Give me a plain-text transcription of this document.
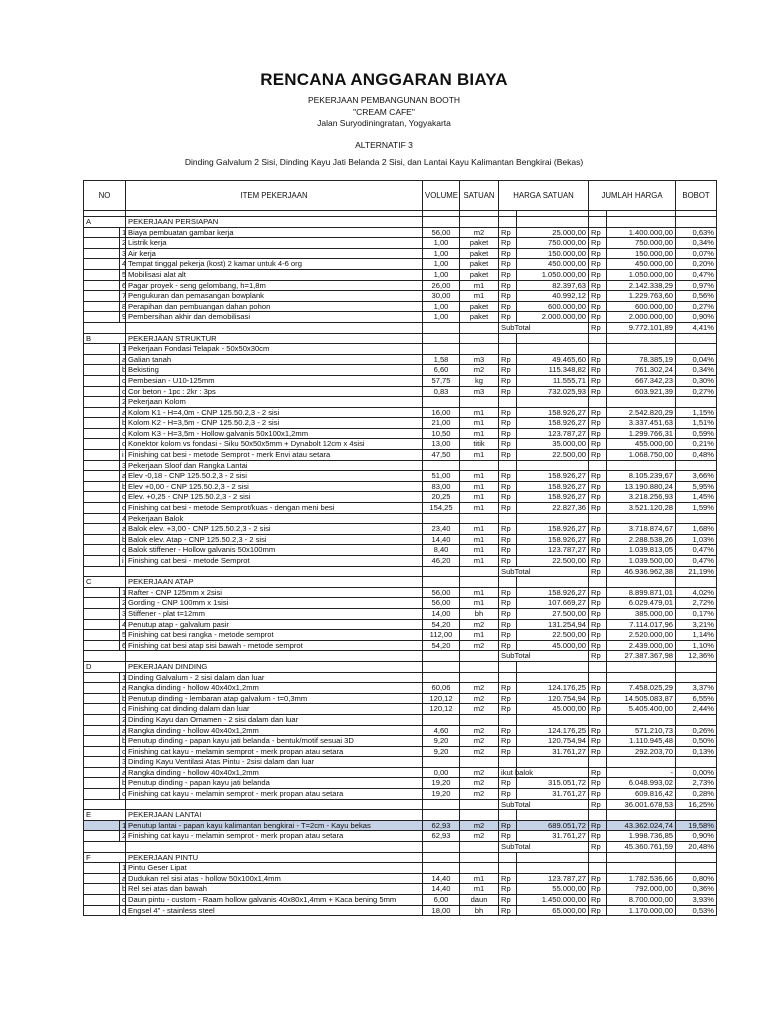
RENCANA ANGGARAN BIAYA
PEKERJAAN PEMBANGUNAN BOOTH
"CREAM CAFE"
Jalan Suryodiningratan, Yogyakarta
ALTERNATIF 3
Dinding Galvalum 2 Sisi, Dinding Kayu Jati Belanda 2 Sisi, dan Lantai Kayu Kalimantan Bengkirai (Bekas)
NO		ITEM PEKERJAAN	VOLUME	SATUAN	HARGA SATUAN		JUMLAH HARGA		BOBOT

A		PEKERJAAN PERSIAPAN							
	1	Biaya pembuatan gambar kerja	56,00	m2	Rp	25.000,00	Rp	1.400.000,00	0,63%
	2	Listrik kerja	1,00	paket	Rp	750.000,00	Rp	750.000,00	0,34%
	3	Air kerja	1,00	paket	Rp	150.000,00	Rp	150.000,00	0,07%
	4	Tempat tinggal pekerja (kost) 2 kamar untuk 4-6 org	1,00	paket	Rp	450.000,00	Rp	450.000,00	0,20%
	5	Mobilisasi alat alt	1,00	paket	Rp	1.050.000,00	Rp	1.050.000,00	0,47%
	6	Pagar proyek - seng gelombang, h=1,8m	26,00	m1	Rp	82.397,63	Rp	2.142.338,29	0,97%
	7	Pengukuran dan pemasangan bowplank	30,00	m1	Rp	40.992,12	Rp	1.229.763,60	0,56%
	8	Perapihan dan pembuangan dahan pohon	1,00	paket	Rp	600.000,00	Rp	600.000,00	0,27%
	9	Pembersihan akhir dan demobilisasi	1,00	paket	Rp	2.000.000,00	Rp	2.000.000,00	0,90%
					SubTotal		Rp	9.772.101,89	4,41%
B		PEKERJAAN STRUKTUR							
	1	Pekerjaan Fondasi Telapak - 50x50x30cm							
	a	Galian tanah	1,58	m3	Rp	49.465,60	Rp	78.385,19	0,04%
	b	Bekisting	6,60	m2	Rp	115.348,82	Rp	761.302,24	0,34%
	c	Pembesian - U10-125mm	57,75	kg	Rp	11.555,71	Rp	667.342,23	0,30%
	d	Cor beton - 1pc : 2kr : 3ps	0,83	m3	Rp	732.025,93	Rp	603.921,39	0,27%
	2	Pekerjaan Kolom							
	a	Kolom K1 - H=4,0m - CNP 125.50.2,3 - 2 sisi	16,00	m1	Rp	158.926,27	Rp	2.542.820,29	1,15%
	b	Kolom K2 - H=3,5m - CNP 125.50.2,3 - 2 sisi	21,00	m1	Rp	158.926,27	Rp	3.337.451,63	1,51%
	c	Kolom K3 - H=3,5m - Hollow galvanis 50x100x1,2mm	10,50	m1	Rp	123.787,27	Rp	1.299.766,31	0,59%
	d	Konektor kolom vs fondasi - Siku 50x50x5mm + Dynabolt 12cm x 4sisi	13,00	titik	Rp	35.000,00	Rp	455.000,00	0,21%
	i	Finishing cat besi - metode Semprot - merk Envi atau setara	47,50	m1	Rp	22.500,00	Rp	1.068.750,00	0,48%
	3	Pekerjaan Sloof dan Rangka Lantai							
	a	Elev -0,18 - CNP 125.50.2,3 - 2 sisi	51,00	m1	Rp	158.926,27	Rp	8.105.239,67	3,66%
	b	Elev +0,00 - CNP 125.50.2,3 - 2 sisi	83,00	m1	Rp	158.926,27	Rp	13.190.880,24	5,95%
	c	Elev. +0,25 - CNP 125.50.2,3 - 2 sisi	20,25	m1	Rp	158.926,27	Rp	3.218.256,93	1,45%
	d	Finishing cat besi - metode Semprot/kuas - dengan meni besi	154,25	m1	Rp	22.827,36	Rp	3.521.120,28	1,59%
	4	Pekerjaan Balok							
	a	Balok elev. +3,00 - CNP 125.50.2,3 - 2 sisi	23,40	m1	Rp	158.926,27	Rp	3.718.874,67	1,68%
	b	Balok elev. Atap - CNP 125.50.2,3 - 2 sisi	14,40	m1	Rp	158.926,27	Rp	2.288.538,26	1,03%
	c	Balok stiffener - Hollow galvanis 50x100mm	8,40	m1	Rp	123.787,27	Rp	1.039.813,05	0,47%
	i	Finishing cat besi - metode Semprot	46,20	m1	Rp	22.500,00	Rp	1.039.500,00	0,47%
					SubTotal		Rp	46.936.962,38	21,19%
C		PEKERJAAN ATAP							
	1	Rafter - CNP 125mm x 2sisi	56,00	m1	Rp	158.926,27	Rp	8.899.871,01	4,02%
	2	Gording - CNP 100mm x 1sisi	56,00	m1	Rp	107.669,27	Rp	6.029.479,01	2,72%
	3	Stiffener - plat t=12mm	14,00	bh	Rp	27.500,00	Rp	385.000,00	0,17%
	4	Penutup atap - galvalum pasir	54,20	m2	Rp	131.254,94	Rp	7.114.017,96	3,21%
	5	Finishing cat besi rangka - metode semprot	112,00	m1	Rp	22.500,00	Rp	2.520.000,00	1,14%
	6	Finishing cat besi atap sisi bawah - metode semprot	54,20	m2	Rp	45.000,00	Rp	2.439.000,00	1,10%
					SubTotal		Rp	27.387.367,98	12,36%
D		PEKERJAAN DINDING							
	1	Dinding Galvalum - 2 sisi dalam dan luar							
	a	Rangka dinding - hollow 40x40x1,2mm	60,06	m2	Rp	124.176,25	Rp	7.458.025,29	3,37%
	b	Penutup dinding - lembaran atap galvalum - t=0,3mm	120,12	m2	Rp	120.754,94	Rp	14.505.083,87	6,55%
	c	Finishing cat dinding dalam dan luar	120,12	m2	Rp	45.000,00	Rp	5.405.400,00	2,44%
	2	Dinding Kayu dan Ornamen - 2 sisi dalam dan luar							
	a	Rangka dinding - hollow 40x40x1,2mm	4,60	m2	Rp	124.176,25	Rp	571.210,73	0,26%
	b	Penutup dinding - papan kayu jati belanda - bentuk/motif sesuai 3D	9,20	m2	Rp	120.754,94	Rp	1.110.945,48	0,50%
	c	Finishing cat kayu - melamin semprot - merk propan atau setara	9,20	m2	Rp	31.761,27	Rp	292.203,70	0,13%
	3	Dinding Kayu Ventilasi Atas Pintu - 2sisi dalam dan luar							
	a	Rangka dinding - hollow 40x40x1,2mm	0,00	m2	ikut balok		Rp	-	0,00%
	b	Penutup dinding - papan kayu jati belanda	19,20	m2	Rp	315.051,72	Rp	6.048.993,02	2,73%
	c	Finishing cat kayu - melamin semprot - merk propan atau setara	19,20	m2	Rp	31.761,27	Rp	609.816,42	0,28%
					SubTotal		Rp	36.001.678,53	16,25%
E		PEKERJAAN LANTAI							
	1	Penutup lantai - papan kayu kalimantan bengkirai - T=2cm - Kayu bekas	62,93	m2	Rp	689.051,72	Rp	43.362.024,74	19,58%
	2	Finishing cat kayu - melamin semprot - merk propan atau setara	62,93	m2	Rp	31.761,27	Rp	1.998.736,85	0,90%
					SubTotal		Rp	45.360.761,59	20,48%
F		PEKERJAAN PINTU							
	1	Pintu Geser Lipat							
	a	Dudukan rel sisi atas - hollow 50x100x1,4mm	14,40	m1	Rp	123.787,27	Rp	1.782.536,66	0,80%
	b	Rel sei atas dan bawah	14,40	m1	Rp	55.000,00	Rp	792.000,00	0,36%
	c	Daun pintu - custom - Raam hollow galvanis 40x80x1,4mm + Kaca bening 5mm	6,00	daun	Rp	1.450.000,00	Rp	8.700.000,00	3,93%
	d	Engsel 4" - stainless steel	18,00	bh	Rp	65.000,00	Rp	1.170.000,00	0,53%
